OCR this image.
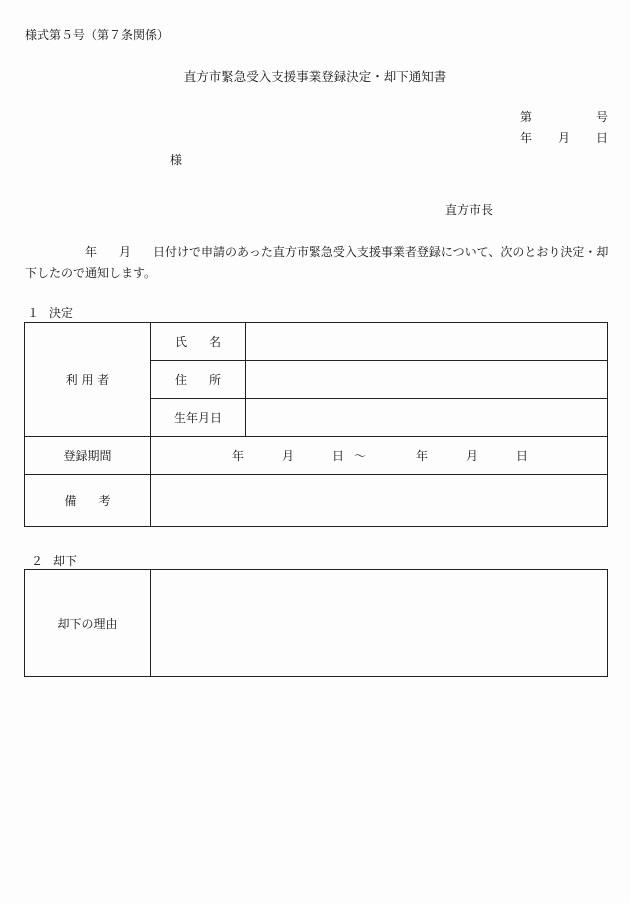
様式第５号（第７条関係）
直方市緊急受入支援事業登録決定・却下通知書
第	号
年 月 日
様
直方市長
年 月 日付けで申請のあった直方市緊急受入支援事業者登録について、次のとおり決定・却下したので通知します。
１ 決定
利 用 者	氏 名	

	住 所	

	生年月日	
登録期間	年 月 日 ～ 年 月 日	

備 考		

２ 却下
却下の理由	
